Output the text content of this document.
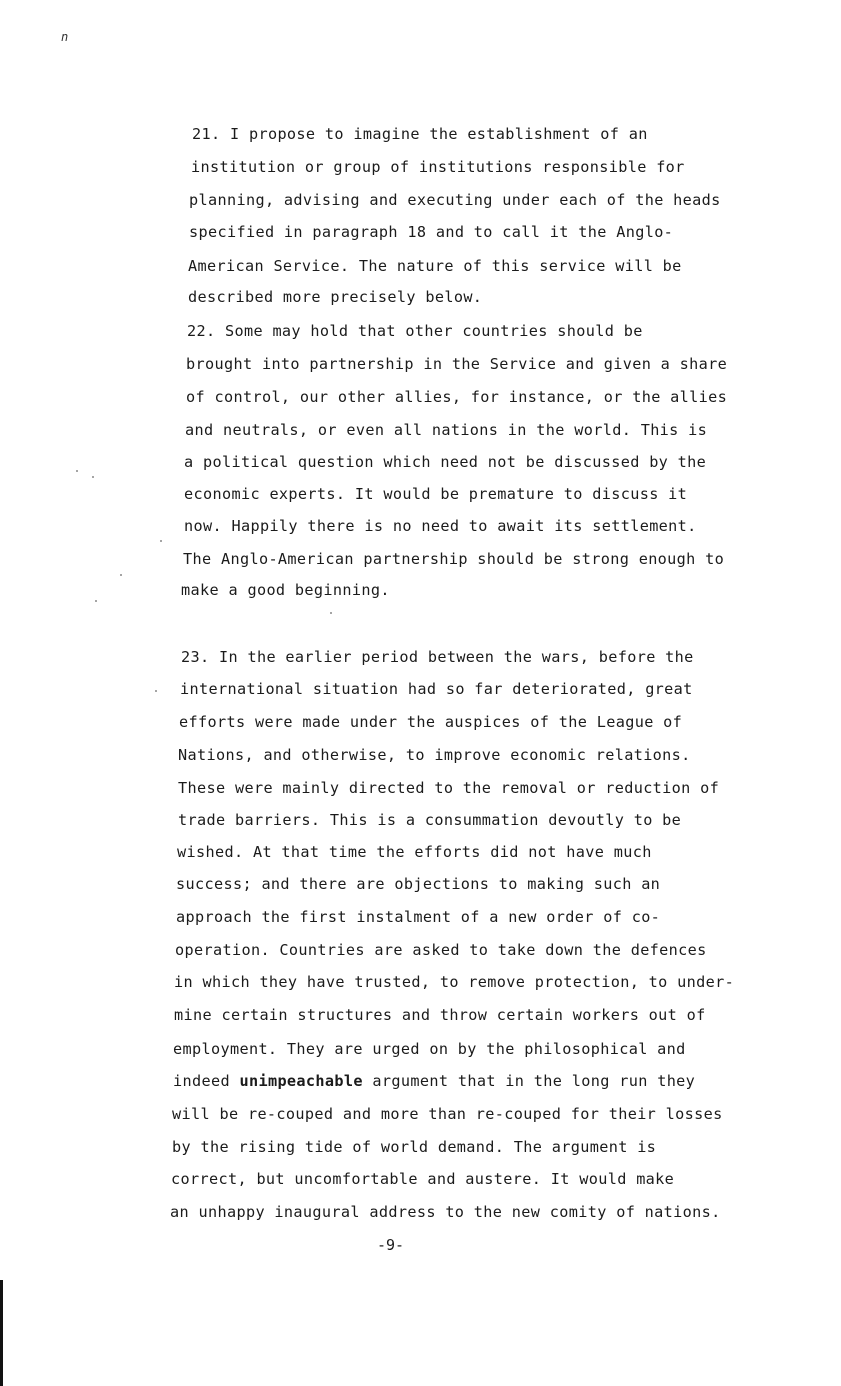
n
21. I propose to imagine the establishment of an
institution or group of institutions responsible for
planning, advising and executing under each of the heads
specified in paragraph 18 and to call it the Anglo-
American Service. The nature of this service will be
described more precisely below.
22. Some may hold that other countries should be
brought into partnership in the Service and given a share
of control, our other allies, for instance, or the allies
and neutrals, or even all nations in the world. This is
a political question which need not be discussed by the
economic experts. It would be premature to discuss it
now. Happily there is no need to await its settlement.
The Anglo-American partnership should be strong enough to
make a good beginning.
23. In the earlier period between the wars, before the
international situation had so far deteriorated, great
efforts were made under the auspices of the League of
Nations, and otherwise, to improve economic relations.
These were mainly directed to the removal or reduction of
trade barriers. This is a consummation devoutly to be
wished. At that time the efforts did not have much
success; and there are objections to making such an
approach the first instalment of a new order of co-
operation. Countries are asked to take down the defences
in which they have trusted, to remove protection, to under-
mine certain structures and throw certain workers out of
employment. They are urged on by the philosophical and
indeed unimpeachable argument that in the long run they
will be re-couped and more than re-couped for their losses
by the rising tide of world demand. The argument is
correct, but uncomfortable and austere. It would make
an unhappy inaugural address to the new comity of nations.
-9-
